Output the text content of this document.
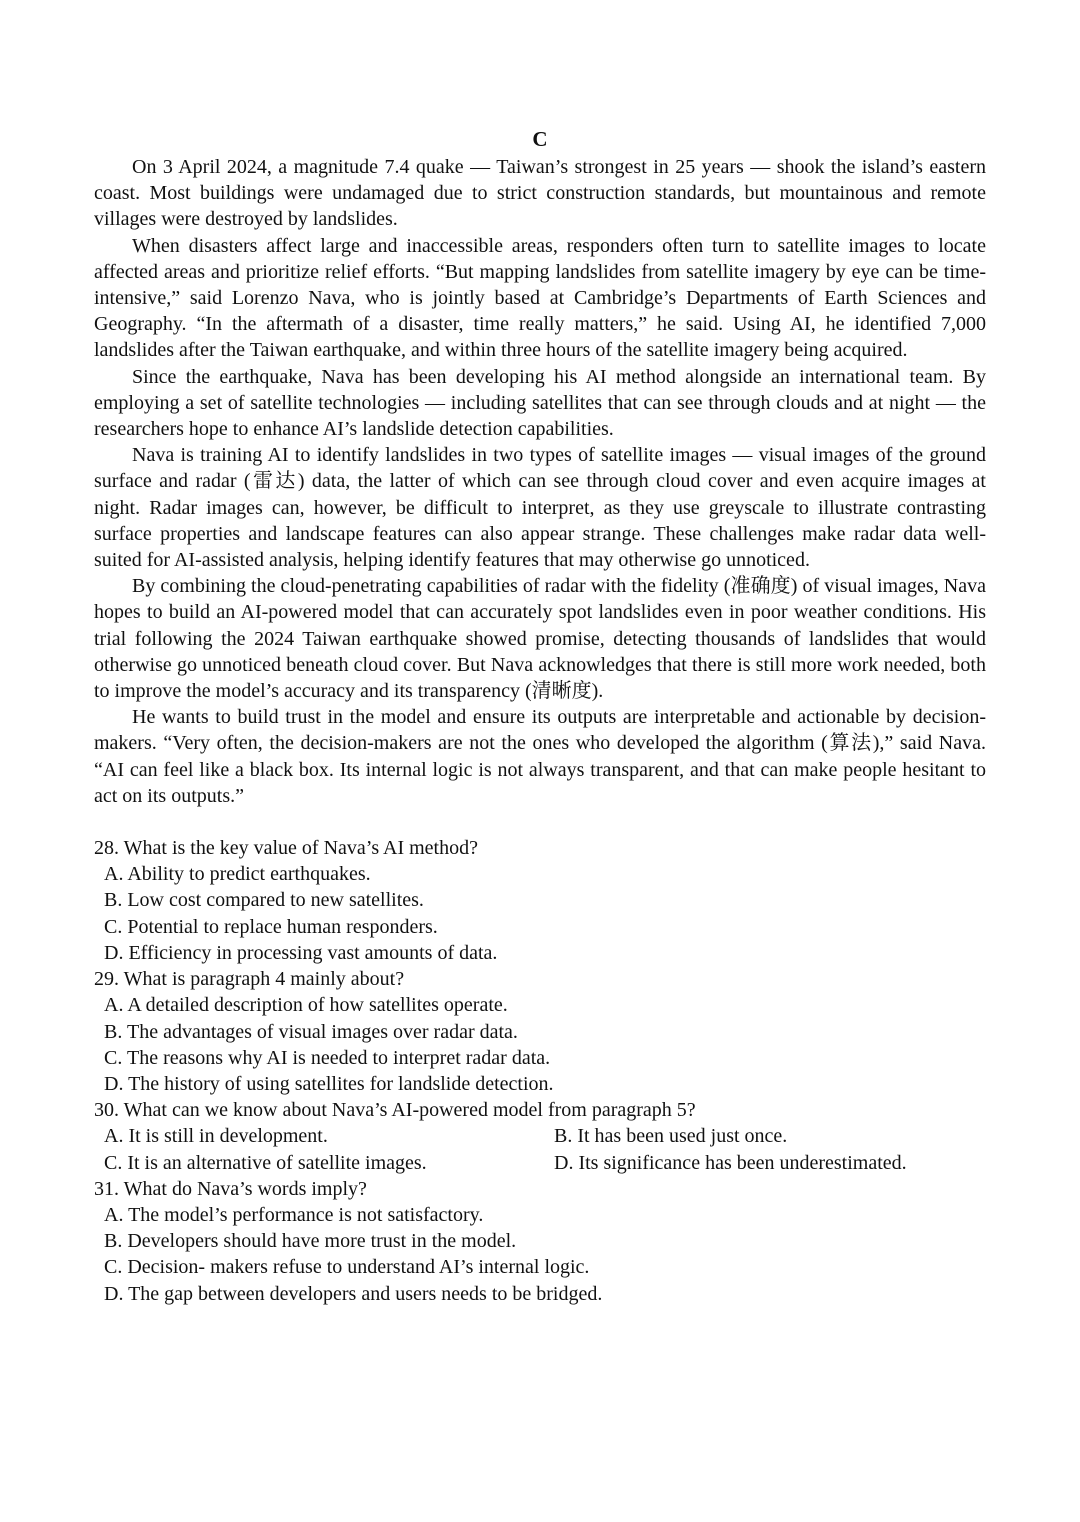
C

On 3 April 2024, a magnitude 7.4 quake — Taiwan’s strongest in 25 years — shook the island’s eastern coast. Most buildings were undamaged due to strict construction standards, but mountainous and remote villages were destroyed by landslides.

When disasters affect large and inaccessible areas, responders often turn to satellite images to locate affected areas and prioritize relief efforts. “But mapping landslides from satellite imagery by eye can be time-intensive,” said Lorenzo Nava, who is jointly based at Cambridge’s Departments of Earth Sciences and Geography. “In the aftermath of a disaster, time really matters,” he said. Using AI, he identified 7,000 landslides after the Taiwan earthquake, and within three hours of the satellite imagery being acquired.

Since the earthquake, Nava has been developing his AI method alongside an international team. By employing a set of satellite technologies — including satellites that can see through clouds and at night — the researchers hope to enhance AI’s landslide detection capabilities.

Nava is training AI to identify landslides in two types of satellite images — visual images of the ground surface and radar (雷达) data, the latter of which can see through cloud cover and even acquire images at night. Radar images can, however, be difficult to interpret, as they use greyscale to illustrate contrasting surface properties and landscape features can also appear strange. These challenges make radar data well-suited for AI-assisted analysis, helping identify features that may otherwise go unnoticed.

By combining the cloud-penetrating capabilities of radar with the fidelity (准确度) of visual images, Nava hopes to build an AI-powered model that can accurately spot landslides even in poor weather conditions. His trial following the 2024 Taiwan earthquake showed promise, detecting thousands of landslides that would otherwise go unnoticed beneath cloud cover. But Nava acknowledges that there is still more work needed, both to improve the model’s accuracy and its transparency (清晰度).

He wants to build trust in the model and ensure its outputs are interpretable and actionable by decision-makers. “Very often, the decision-makers are not the ones who developed the algorithm (算法),” said Nava. “AI can feel like a black box. Its internal logic is not always transparent, and that can make people hesitant to act on its outputs.”

28. What is the key value of Nava’s AI method?
A. Ability to predict earthquakes.
B. Low cost compared to new satellites.
C. Potential to replace human responders.
D. Efficiency in processing vast amounts of data.
29. What is paragraph 4 mainly about?
A. A detailed description of how satellites operate.
B. The advantages of visual images over radar data.
C. The reasons why AI is needed to interpret radar data.
D. The history of using satellites for landslide detection.
30. What can we know about Nava’s AI-powered model from paragraph 5?
A. It is still in development.	B. It has been used just once.
C. It is an alternative of satellite images.	D. Its significance has been underestimated.
31. What do Nava’s words imply?
A. The model’s performance is not satisfactory.
B. Developers should have more trust in the model.
C. Decision- makers refuse to understand AI’s internal logic.
D. The gap between developers and users needs to be bridged.
